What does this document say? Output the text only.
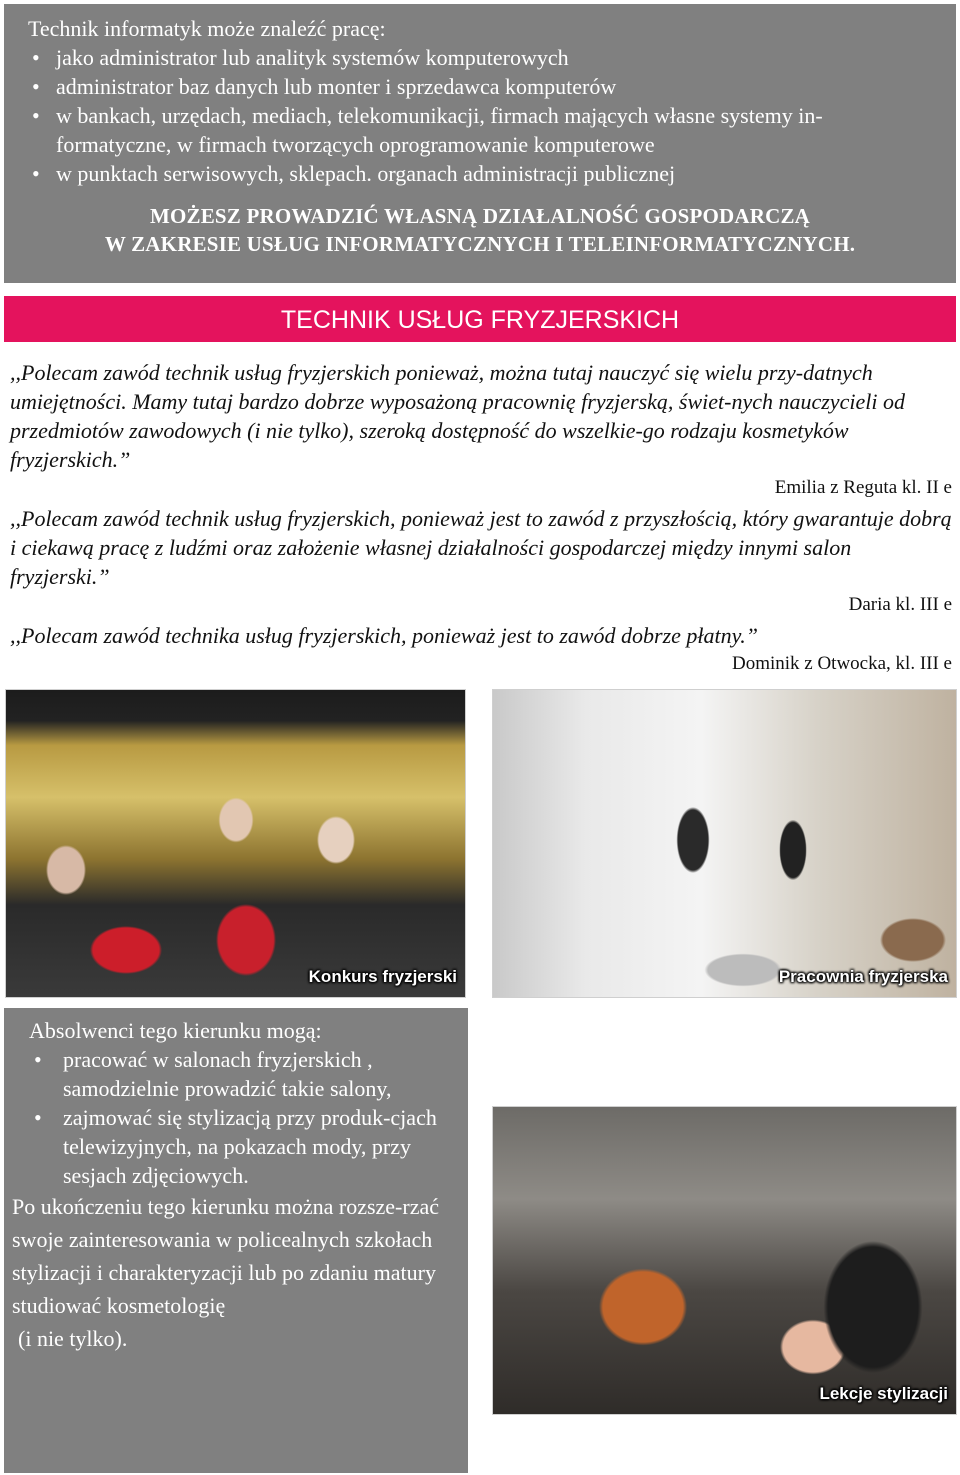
Technik informatyk może znaleźć pracę:
• jako administrator lub analityk systemów komputerowych
• administrator baz danych lub monter i sprzedawca komputerów
• w bankach, urzędach, mediach, telekomunikacji, firmach mających własne systemy in-formatyczne, w firmach tworzących oprogramowanie komputerowe
• w punktach serwisowych, sklepach. organach administracji publicznej
MOŻESZ PROWADZIĆ WŁASNĄ DZIAŁALNOŚĆ GOSPODARCZĄ
W ZAKRESIE USŁUG INFORMATYCZNYCH I TELEINFORMATYCZNYCH.
TECHNIK USŁUG FRYZJERSKICH

,,Polecam zawód technik usług fryzjerskich ponieważ, można tutaj nauczyć się wielu przy-datnych umiejętności. Mamy tutaj bardzo dobrze wyposażoną pracownię fryzjerską, świet-nych nauczycieli od przedmiotów zawodowych (i nie tylko), szeroką dostępność do wszelkie-go rodzaju kosmetyków fryzjerskich.”

Emilia z Reguta kl. II e

,,Polecam zawód technik usług fryzjerskich, ponieważ jest to zawód z przyszłością, który gwarantuje dobrą i ciekawą pracę z ludźmi oraz założenie własnej działalności gospodarczej między innymi salon fryzjerski.”

Daria kl. III e

,,Polecam zawód technika usług fryzjerskich, ponieważ jest to zawód dobrze płatny.”

Dominik z Otwocka, kl. III e
Konkurs fryzjerski	Pracownia fryzjerska
Absolwenci tego kierunku mogą:
• pracować w salonach fryzjerskich , samodzielnie prowadzić takie salony,
• zajmować się stylizacją przy produk-cjach telewizyjnych, na pokazach mody, przy sesjach zdjęciowych.
Po ukończeniu tego kierunku można rozsze-rzać swoje zainteresowania w policealnych szkołach stylizacji i charakteryzacji lub po zdaniu matury studiować kosmetologię
(i nie tylko).
Lekcje stylizacji
